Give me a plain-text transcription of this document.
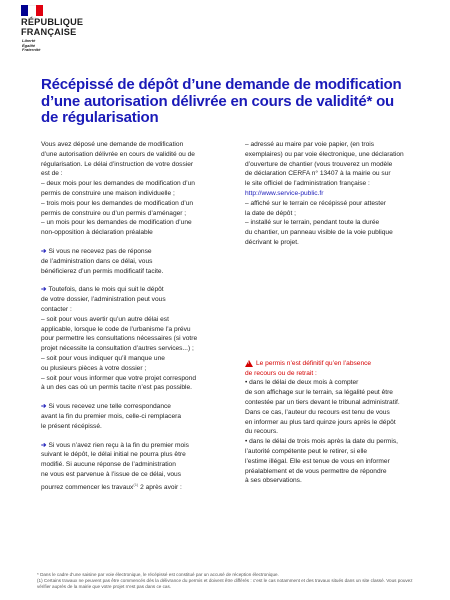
RÉPUBLIQUE
FRANÇAISE
Liberté
Égalité
Fraternité
Récépissé de dépôt d’une demande de modification d’une autorisation délivrée en cours de validité* ou de régularisation

Vous avez déposé une demande de modification

d’une autorisation délivrée en cours de validité ou de

régularisation. Le délai d’instruction de votre dossier

est de :

– deux mois pour les demandes de modification d’un

permis de construire une maison individuelle ;

– trois mois pour les demandes de modification d’un

permis de construire ou d’un permis d’aménager ;

– un mois pour les demandes de modification d’une

non-opposition à déclaration préalable

➔ Si vous ne recevez pas de réponse

de l’administration dans ce délai, vous

bénéficierez d’un permis modificatif tacite.

➔ Toutefois, dans le mois qui suit le dépôt

de votre dossier, l’administration peut vous

contacter :

– soit pour vous avertir qu’un autre délai est

applicable, lorsque le code de l’urbanisme l’a prévu

pour permettre les consultations nécessaires (si votre

projet nécessite la consultation d’autres services...) ;

– soit pour vous indiquer qu’il manque une

ou plusieurs pièces à votre dossier ;

– soit pour vous informer que votre projet correspond

à un des cas où un permis tacite n’est pas possible.

➔ Si vous recevez une telle correspondance

avant la fin du premier mois, celle-ci remplacera

le présent récépissé.

➔ Si vous n’avez rien reçu à la fin du premier mois

suivant le dépôt, le délai initial ne pourra plus être

modifié. Si aucune réponse de l’administration

ne vous est parvenue à l’issue de ce délai, vous

pourrez commencer les travaux$^{(1)}$ 2 après avoir :

– adressé au maire par voie papier, (en trois

exemplaires) ou par voie électronique, une déclaration

d’ouverture de chantier (vous trouverez un modèle

de déclaration CERFA n° 13407 à la mairie ou sur

le site officiel de l’administration française :

http://www.service-public.fr

– affiché sur le terrain ce récépissé pour attester

la date de dépôt ;

– installé sur le terrain, pendant toute la durée

du chantier, un panneau visible de la voie publique

décrivant le projet.

! Le permis n’est définitif qu’en l’absence

de recours ou de retrait :

• dans le délai de deux mois à compter

de son affichage sur le terrain, sa légalité peut être

contestée par un tiers devant le tribunal administratif.

Dans ce cas, l’auteur du recours est tenu de vous

en informer au plus tard quinze jours après le dépôt

du recours.

• dans le délai de trois mois après la date du permis,

l’autorité compétente peut le retirer, si elle

l’estime illégal. Elle est tenue de vous en informer

préalablement et de vous permettre de répondre

à ses observations.

* Dans le cadre d’une saisine par voie électronique, le récépissé est constitué par un accusé de réception électronique.

(1) Certains travaux ne peuvent pas être commencés dès la délivrance du permis et doivent être différés : c’est le cas notamment et des travaux situés dans un site classé. Vous pouvez vérifier auprès de la mairie que votre projet n’est pas dans ce cas.
